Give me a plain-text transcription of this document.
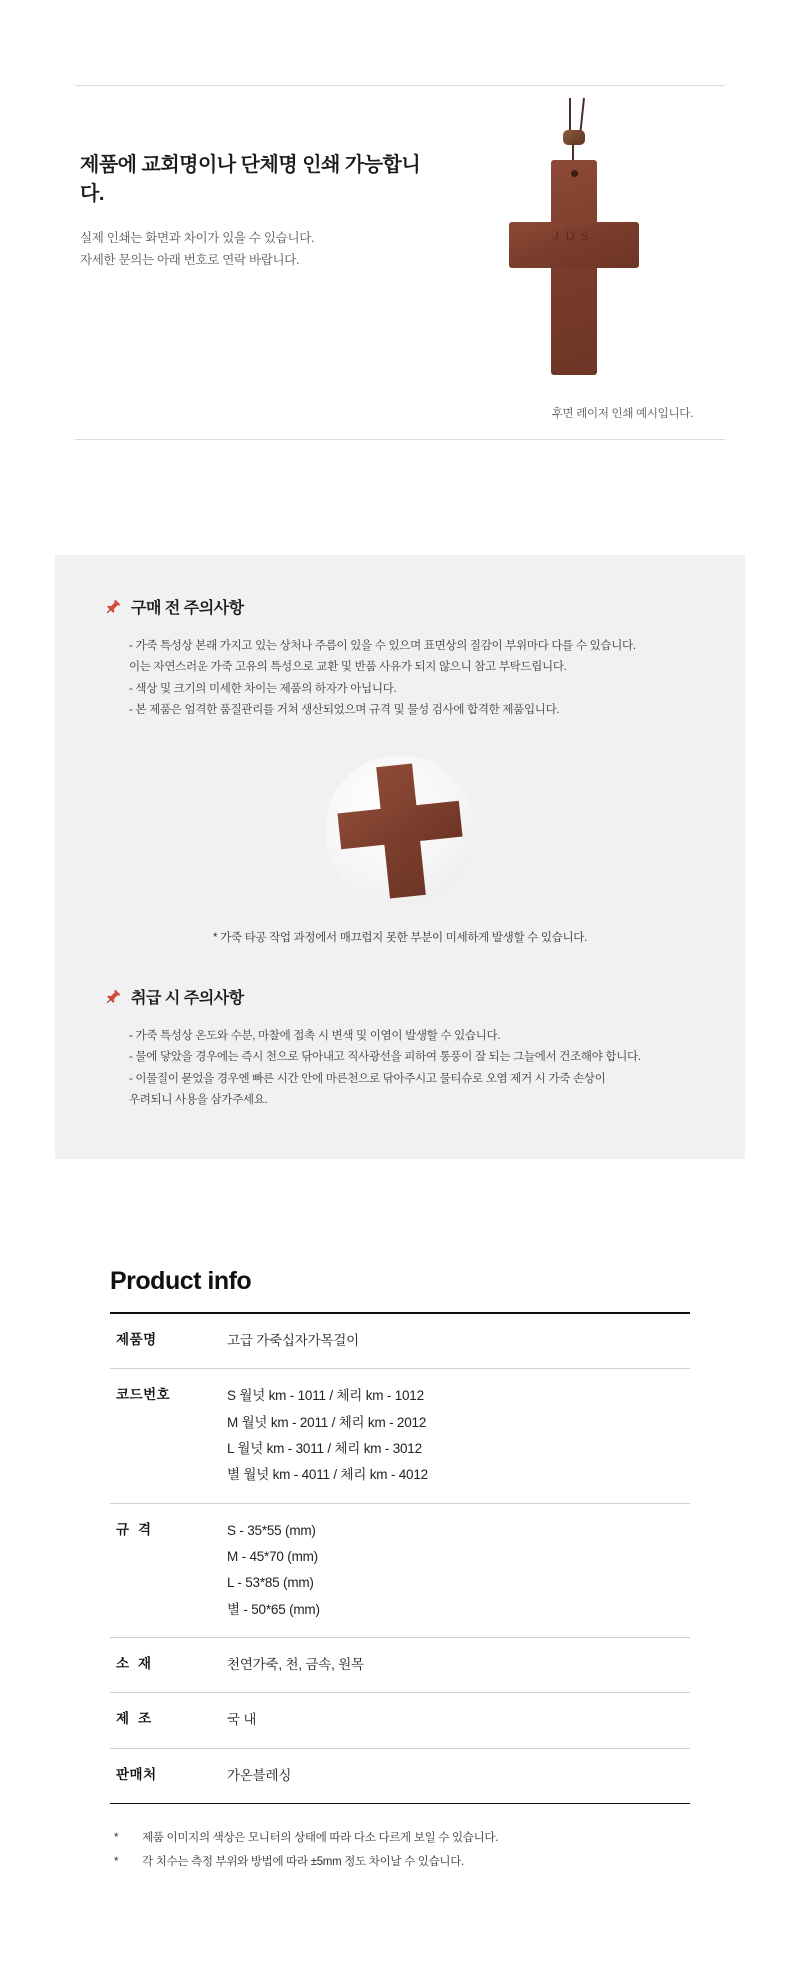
제품에 교회명이나 단체명 인쇄 가능합니다.
실제 인쇄는 화면과 차이가 있을 수 있습니다.
자세한 문의는 아래 번호로 연락 바랍니다.
JDS
후면 레이저 인쇄 예시입니다.
구매 전 주의사항
- 가죽 특성상 본래 가지고 있는 상처나 주름이 있을 수 있으며 표면상의 질감이 부위마다 다를 수 있습니다.
이는 자연스러운 가죽 고유의 특성으로 교환 및 반품 사유가 되지 않으니 참고 부탁드립니다.
- 색상 및 크기의 미세한 차이는 제품의 하자가 아닙니다.
- 본 제품은 엄격한 품질관리를 거쳐 생산되었으며 규격 및 물성 검사에 합격한 제품입니다.
* 가죽 타공 작업 과정에서 매끄럽지 못한 부분이 미세하게 발생할 수 있습니다.
취급 시 주의사항
- 가죽 특성상 온도와 수분, 마찰에 접촉 시 변색 및 이염이 발생할 수 있습니다.
- 물에 닿았을 경우에는 즉시 천으로 닦아내고 직사광선을 피하여 통풍이 잘 되는 그늘에서 건조해야 합니다.
- 이물질이 묻었을 경우엔 빠른 시간 안에 마른천으로 닦아주시고 물티슈로 오염 제거 시 가죽 손상이
우려되니 사용을 삼가주세요.
Product info
제품명	고급 가죽십자가목걸이

코드번호	S 월넛 km - 1011 / 체리 km - 1012
M 월넛 km - 2011 / 체리 km - 2012
L 월넛 km - 3011 / 체리 km - 3012
별 월넛 km - 4011 / 체리 km - 4012

규  격	S - 35*55 (mm)
M - 45*70 (mm)
L - 53*85 (mm)
별 - 50*65 (mm)

소  재	천연가죽, 천, 금속, 원목

제  조	국 내

판매처	가온블레싱
* 제품 이미지의 색상은 모니터의 상태에 따라 다소 다르게 보일 수 있습니다.
* 각 치수는 측정 부위와 방법에 따라 ±5mm 정도 차이날 수 있습니다.
